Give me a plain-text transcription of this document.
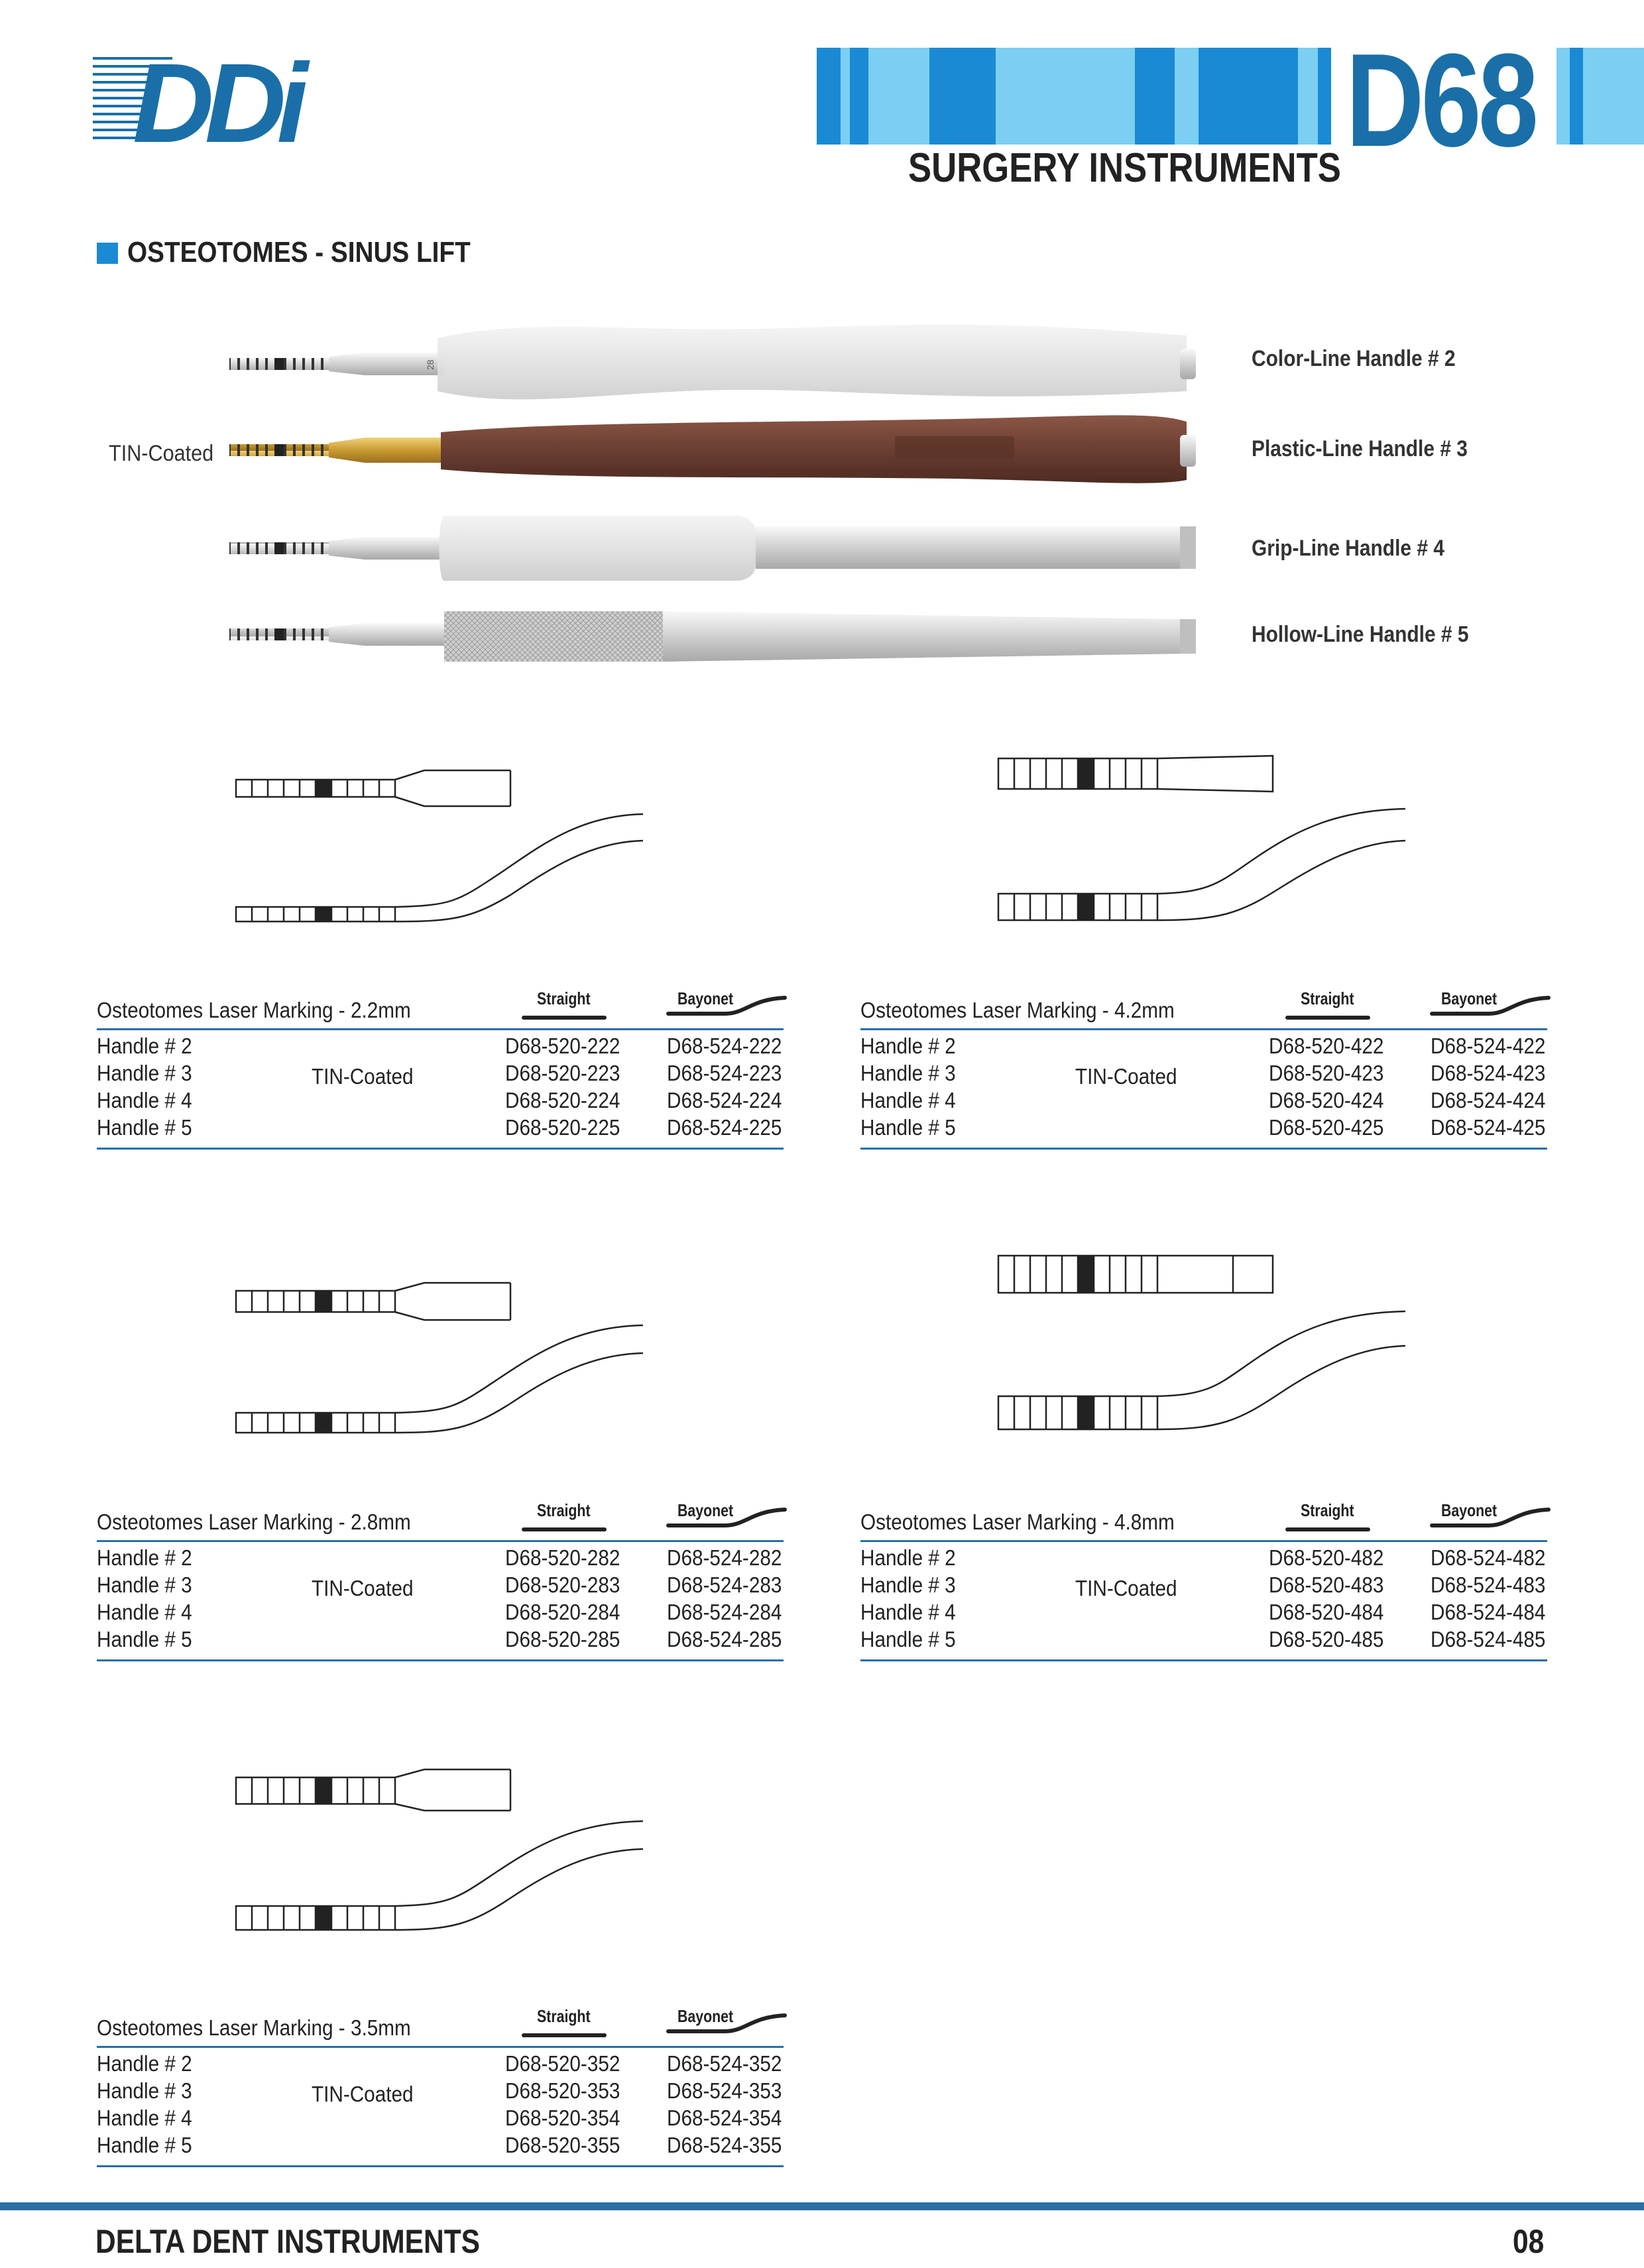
DDi	D68
SURGERY INSTRUMENTS
OSTEOTOMES - SINUS LIFT
28
TIN-Coated
Color-Line Handle # 2
Plastic-Line Handle # 3
Grip-Line Handle # 4
Hollow-Line Handle # 5
Osteotomes Laser Marking - 2.2mm	Straight	Bayonet
TIN-Coated
Handle # 2	D68-520-222 D68-524-222
Handle # 3	D68-520-223 D68-524-223
Handle # 4	D68-520-224 D68-524-224
Handle # 5	D68-520-225 D68-524-225
Osteotomes Laser Marking - 4.2mm	Straight	Bayonet
TIN-Coated
Handle # 2	D68-520-422 D68-524-422
Handle # 3	D68-520-423 D68-524-423
Handle # 4	D68-520-424 D68-524-424
Handle # 5	D68-520-425 D68-524-425
Osteotomes Laser Marking - 2.8mm	Straight	Bayonet
TIN-Coated
Handle # 2	D68-520-282 D68-524-282
Handle # 3	D68-520-283 D68-524-283
Handle # 4	D68-520-284 D68-524-284
Handle # 5	D68-520-285 D68-524-285
Osteotomes Laser Marking - 4.8mm	Straight	Bayonet
TIN-Coated
Handle # 2	D68-520-482 D68-524-482
Handle # 3	D68-520-483 D68-524-483
Handle # 4	D68-520-484 D68-524-484
Handle # 5	D68-520-485 D68-524-485
Osteotomes Laser Marking - 3.5mm	Straight	Bayonet
TIN-Coated
Handle # 2	D68-520-352 D68-524-352
Handle # 3	D68-520-353 D68-524-353
Handle # 4	D68-520-354 D68-524-354
Handle # 5	D68-520-355 D68-524-355
DELTA DENT INSTRUMENTS	08
